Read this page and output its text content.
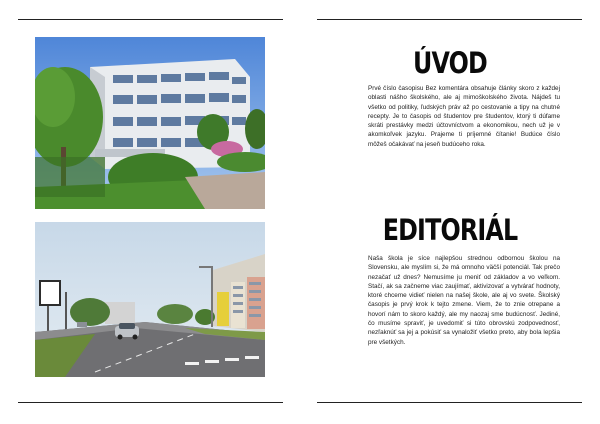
ÚVOD
Prvé číslo časopisu Bez komentára obsahuje články skoro z každej oblasti nášho školského, ale aj mimoškolského života. Nájdeš tu všetko od politiky, ľudských práv až po cestovanie a tipy na chutné recepty. Je to časopis od študentov pre študentov, ktorý ti dúfame skráti prestávky medzi účtovníctvom a ekonomikou, nech už je v akomkoľvek jazyku. Prajeme ti príjemné čítanie! Budúce číslo môžeš očakávať na jeseň budúceho roka.
EDITORIÁL
Naša škola je síce najlepšou strednou odbornou školou na Slovensku, ale myslím si, že má omnoho väčší potenciál. Tak prečo nezačať už dnes? Nemusíme ju meniť od základov a vo veľkom. Stačí, ak sa začneme viac zaujímať, aktivizovať a vytvárať hodnoty, ktoré chceme vidieť nielen na našej škole, ale aj vo svete. Školský časopis je prvý krok k tejto zmene. Viem, že to znie otrepane a hovorí nám to skoro každý, ale my naozaj sme budúcnosť. Jediné, čo musíme spraviť, je uvedomiť si túto obrovskú zodpovednosť, nezľaknúť sa jej a pokúsiť sa vynaložiť všetko preto, aby bola lepšia pre všetkých.
